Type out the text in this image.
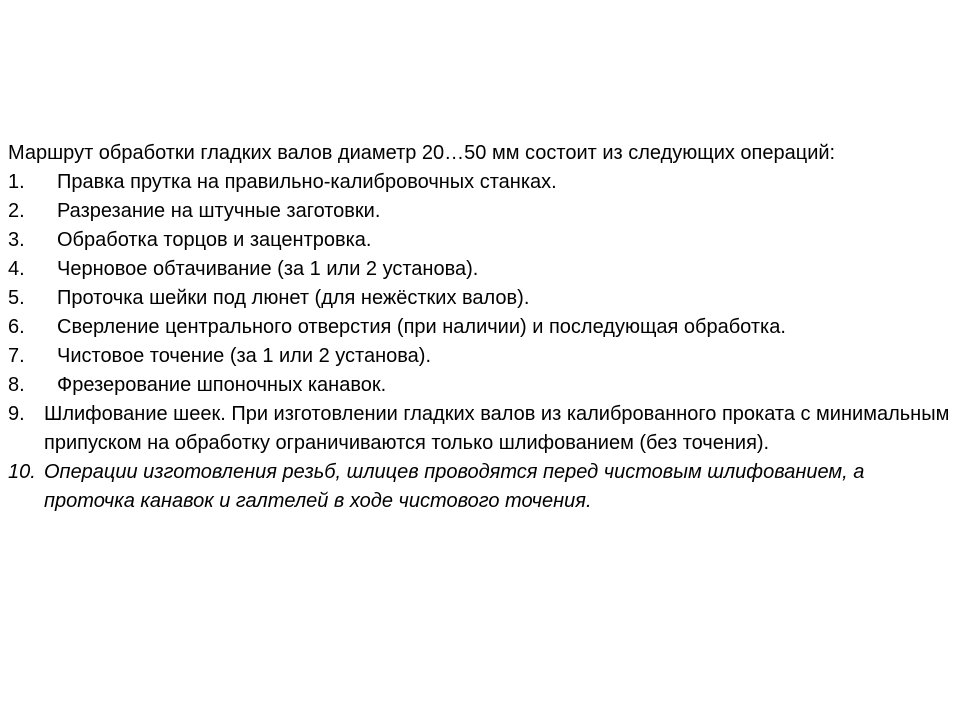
Маршрут обработки гладких валов диаметр 20…50 мм состоит из следующих операций:

1. Правка прутка на правильно-калибровочных станках.
2. Разрезание на штучные заготовки.
3. Обработка торцов и зацентровка.
4. Черновое обтачивание (за 1 или 2 установа).
5. Проточка шейки под люнет (для нежёстких валов).
6. Сверление центрального отверстия (при наличии) и последующая обработка.
7. Чистовое точение (за 1 или 2 установа).
8. Фрезерование шпоночных канавок.
9. Шлифование шеек. При изготовлении гладких валов из калиброванного проката с минимальным припуском на обработку ограничиваются только шлифованием (без точения).
10. Операции изготовления резьб, шлицев проводятся перед чистовым шлифованием, а проточка канавок и галтелей в ходе чистового точения.
